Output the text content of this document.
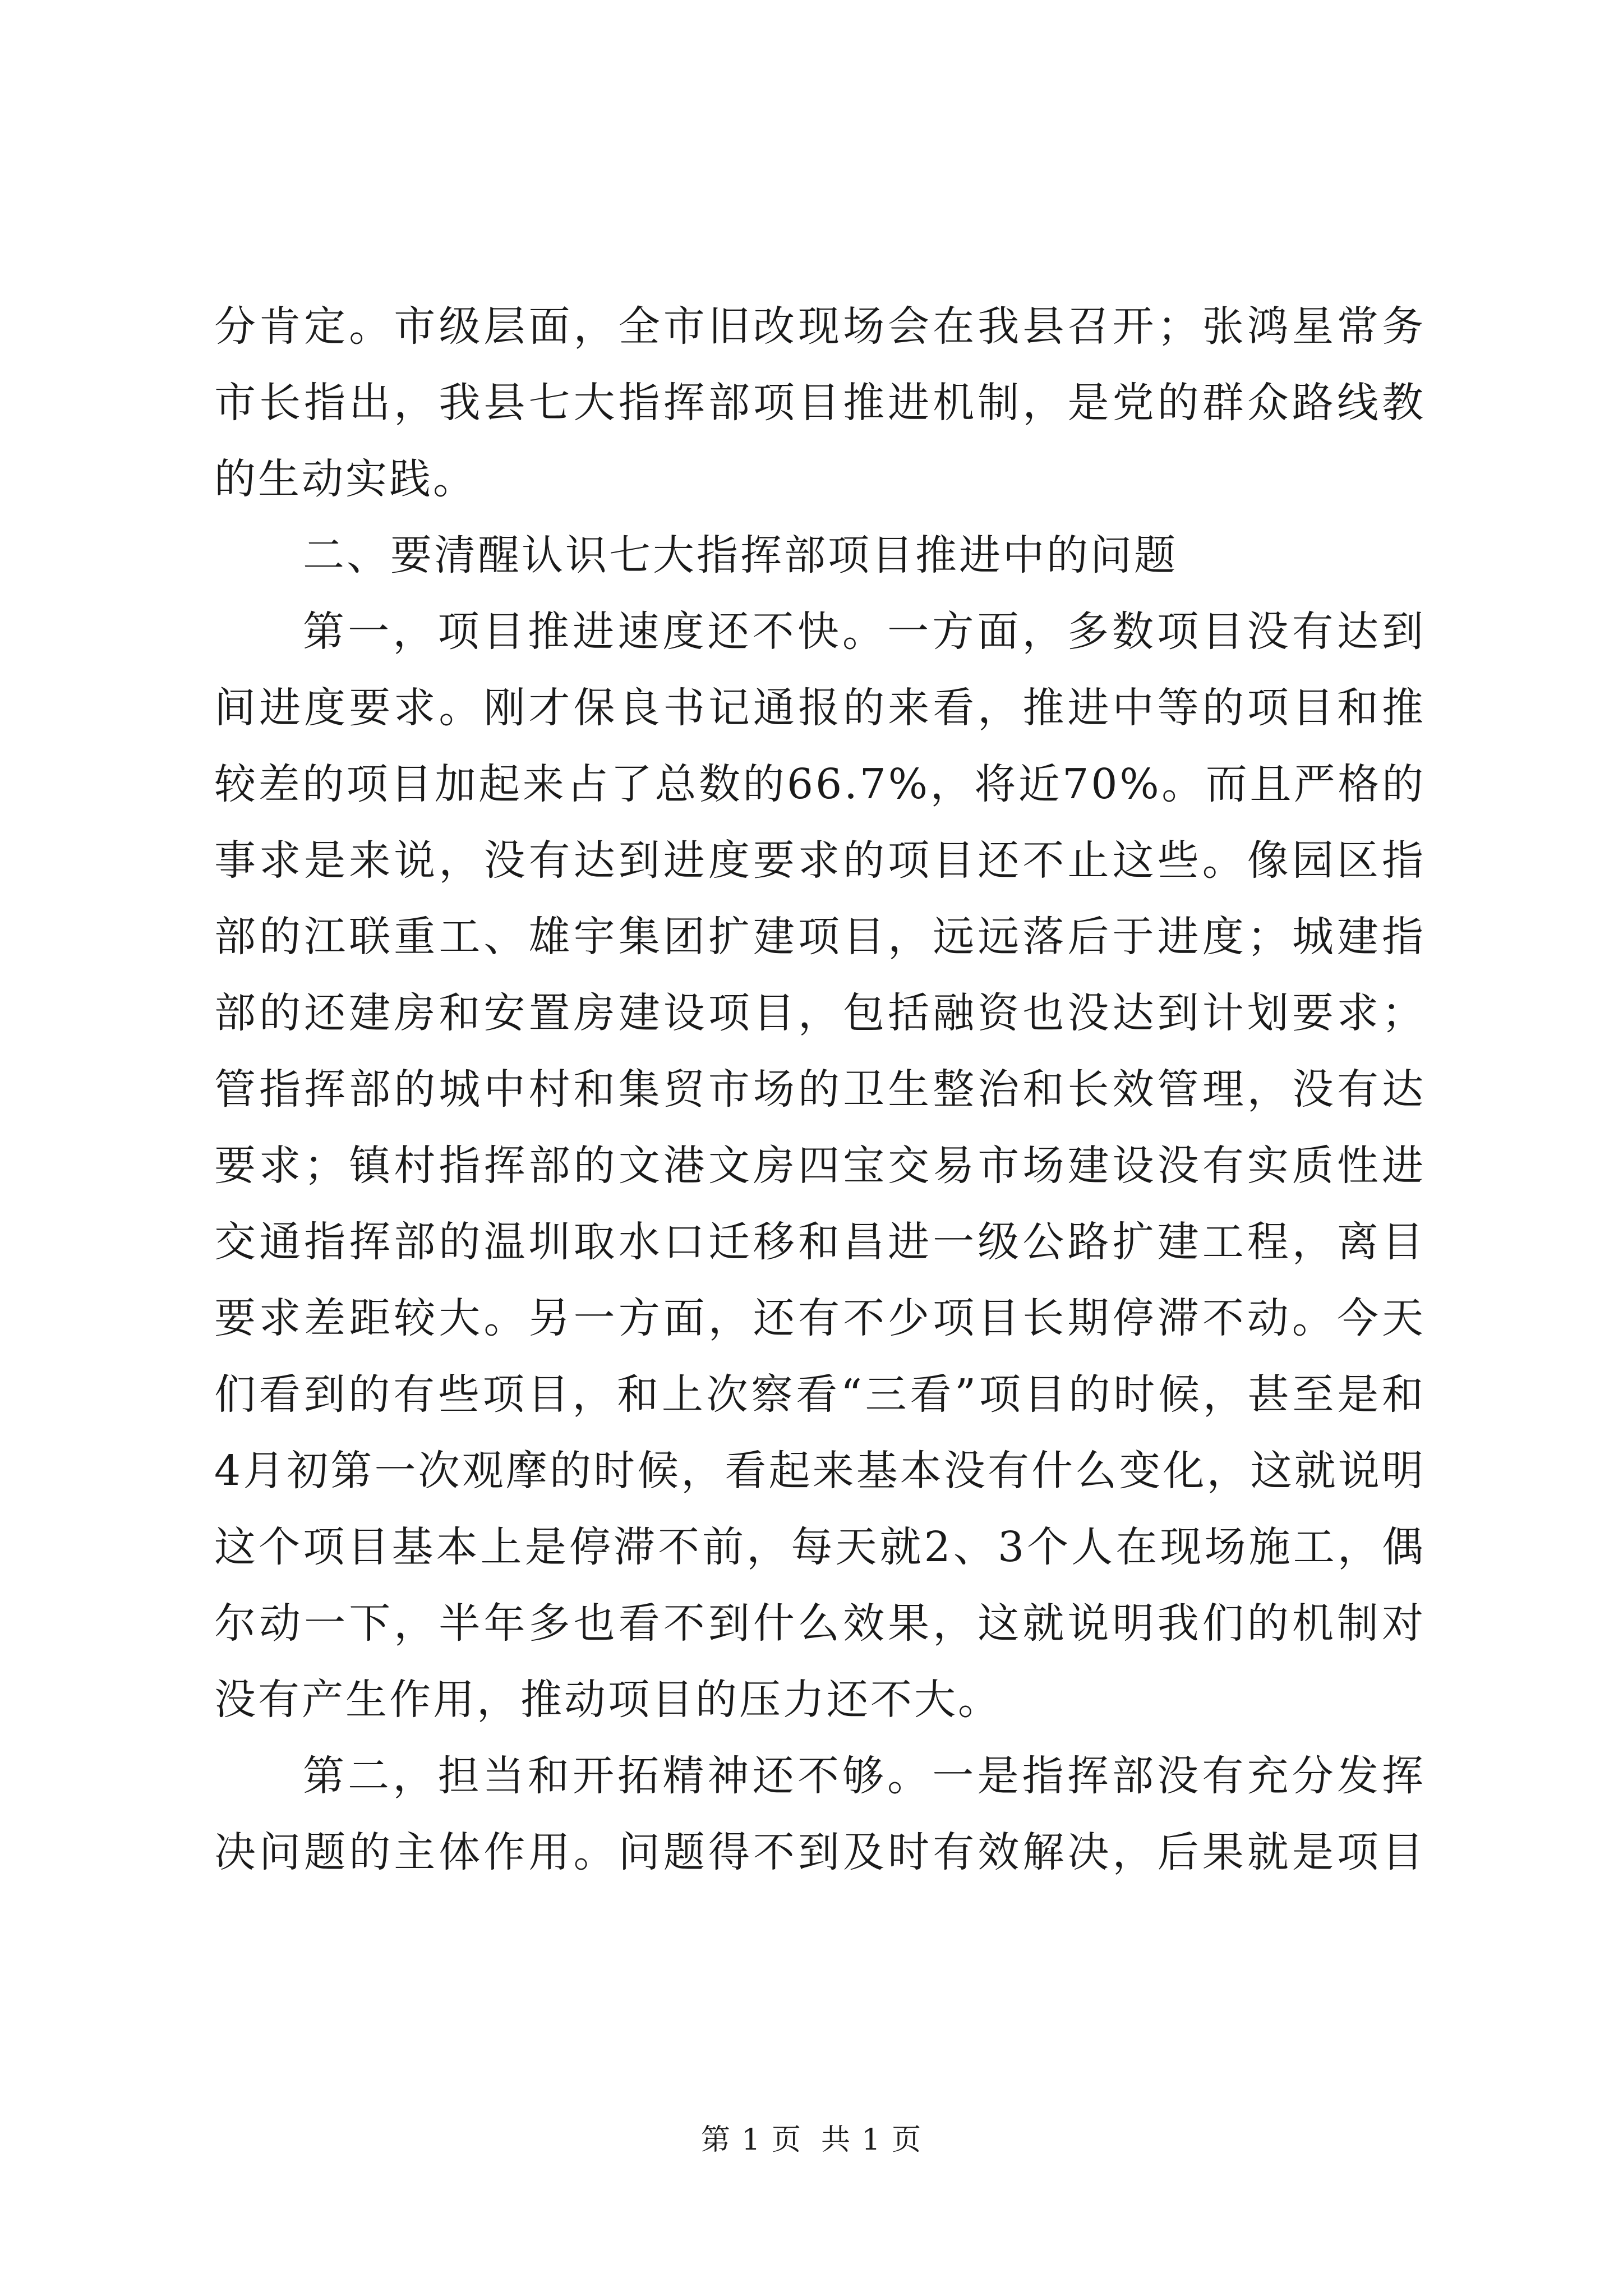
分肯定。市级层面，全市旧改现场会在我县召开；张鸿星常务
市长指出，我县七大指挥部项目推进机制，是党的群众路线教
的生动实践。
二、要清醒认识七大指挥部项目推进中的问题
第一，项目推进速度还不快。一方面，多数项目没有达到
间进度要求。刚才保良书记通报的来看，推进中等的项目和推
较差的项目加起来占了总数的66.7%，将近70%。而且严格的
事求是来说，没有达到进度要求的项目还不止这些。像园区指
部的江联重工、雄宇集团扩建项目，远远落后于进度；城建指
部的还建房和安置房建设项目，包括融资也没达到计划要求；
管指挥部的城中村和集贸市场的卫生整治和长效管理，没有达
要求；镇村指挥部的文港文房四宝交易市场建设没有实质性进
交通指挥部的温圳取水口迁移和昌进一级公路扩建工程，离目
要求差距较大。另一方面，还有不少项目长期停滞不动。今天
们看到的有些项目，和上次察看“三看”项目的时候，甚至是和
4月初第一次观摩的时候，看起来基本没有什么变化，这就说明
这个项目基本上是停滞不前，每天就2、3个人在现场施工，偶
尔动一下，半年多也看不到什么效果，这就说明我们的机制对
没有产生作用，推动项目的压力还不大。
第二，担当和开拓精神还不够。一是指挥部没有充分发挥
决问题的主体作用。问题得不到及时有效解决，后果就是项目
第 1 页 共 1 页
